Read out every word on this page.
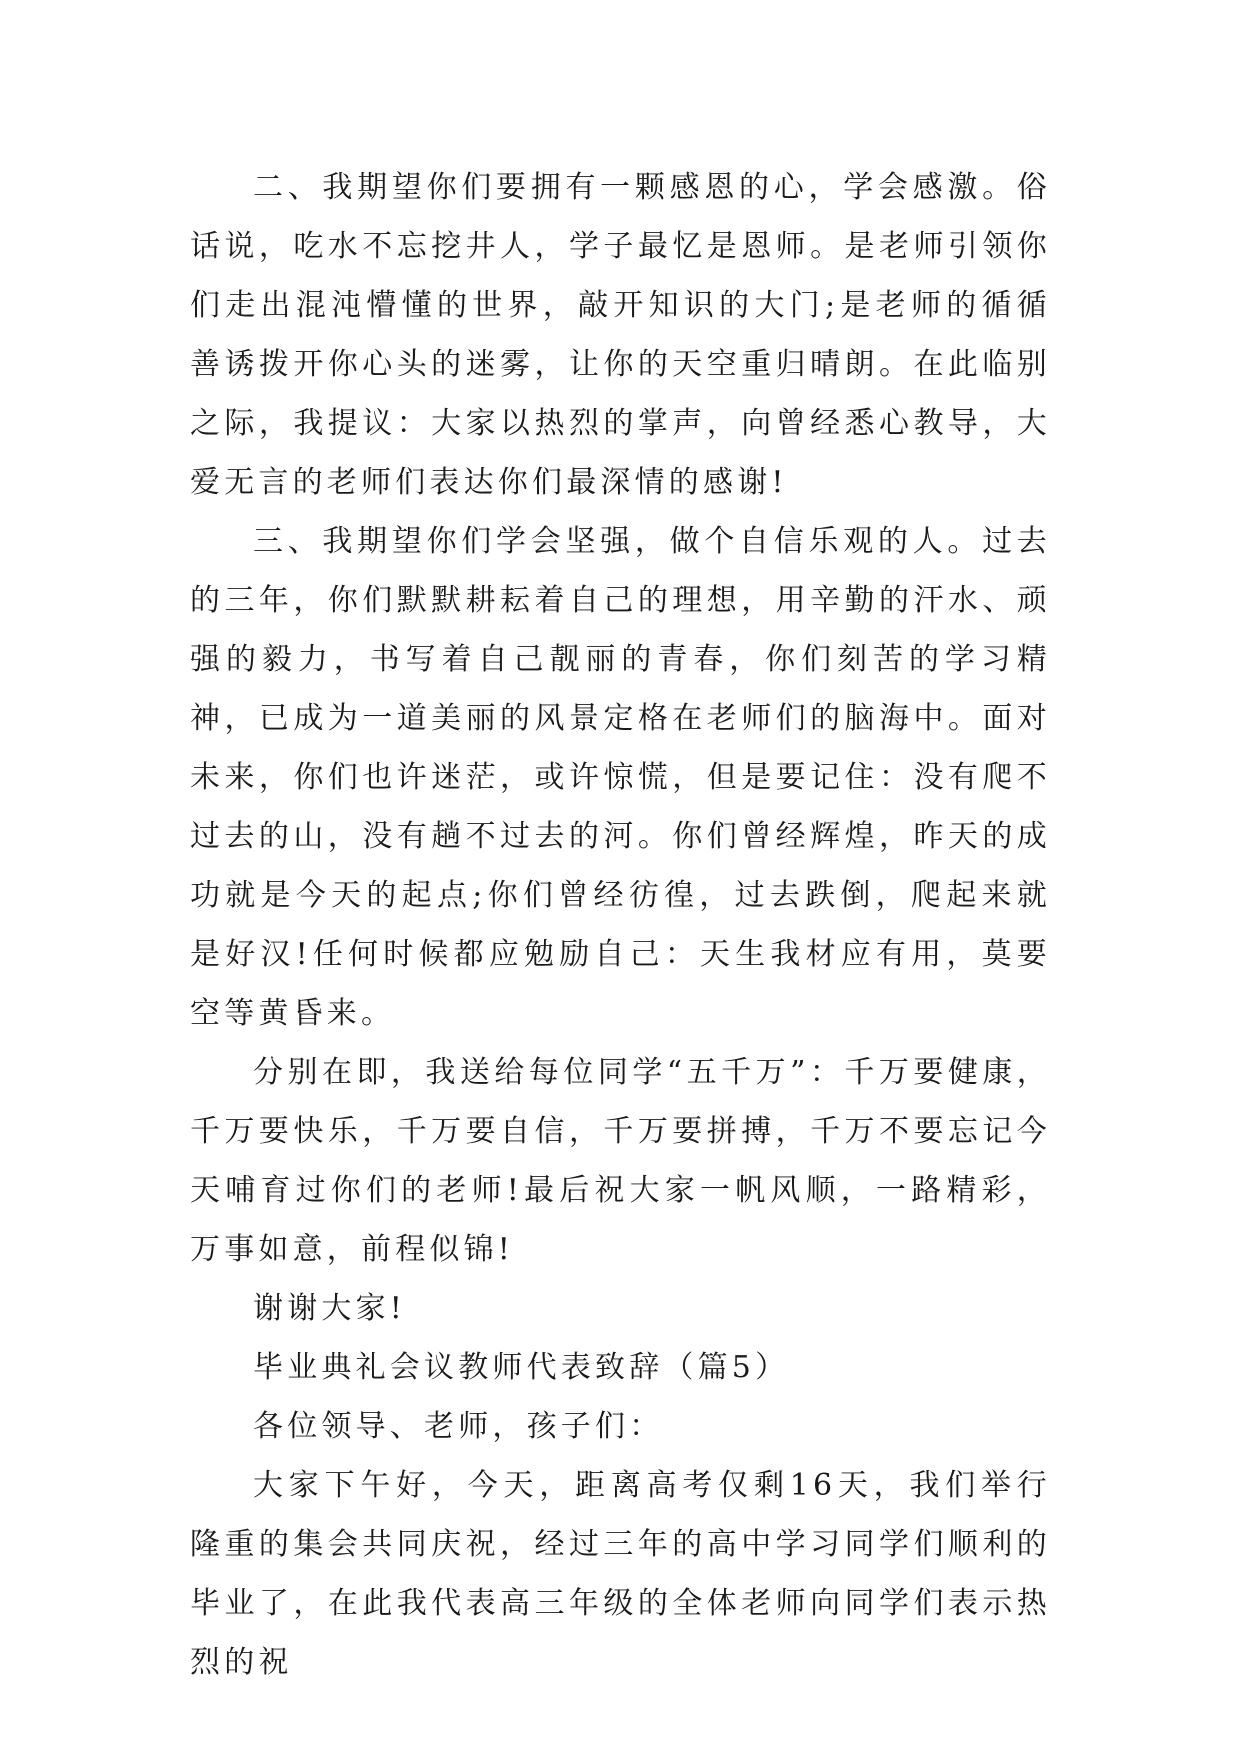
二、我期望你们要拥有一颗感恩的心，学会感激。俗话说，吃水不忘挖井人，学子最忆是恩师。是老师引领你们走出混沌懵懂的世界，敲开知识的大门;是老师的循循善诱拨开你心头的迷雾，让你的天空重归晴朗。在此临别之际，我提议：大家以热烈的掌声，向曾经悉心教导，大爱无言的老师们表达你们最深情的感谢!

三、我期望你们学会坚强，做个自信乐观的人。过去的三年，你们默默耕耘着自己的理想，用辛勤的汗水、顽强的毅力，书写着自己靓丽的青春，你们刻苦的学习精神，已成为一道美丽的风景定格在老师们的脑海中。面对未来，你们也许迷茫，或许惊慌，但是要记住：没有爬不过去的山，没有趟不过去的河。你们曾经辉煌，昨天的成功就是今天的起点;你们曾经彷徨，过去跌倒，爬起来就是好汉!任何时候都应勉励自己：天生我材应有用，莫要空等黄昏来。

分别在即，我送给每位同学“五千万”：千万要健康，千万要快乐，千万要自信，千万要拼搏，千万不要忘记今天哺育过你们的老师!最后祝大家一帆风顺，一路精彩，万事如意，前程似锦!

谢谢大家!

毕业典礼会议教师代表致辞（篇5）

各位领导、老师，孩子们：

大家下午好，今天，距离高考仅剩16天，我们举行隆重的集会共同庆祝，经过三年的高中学习同学们顺利的毕业了，在此我代表高三年级的全体老师向同学们表示热烈的祝
